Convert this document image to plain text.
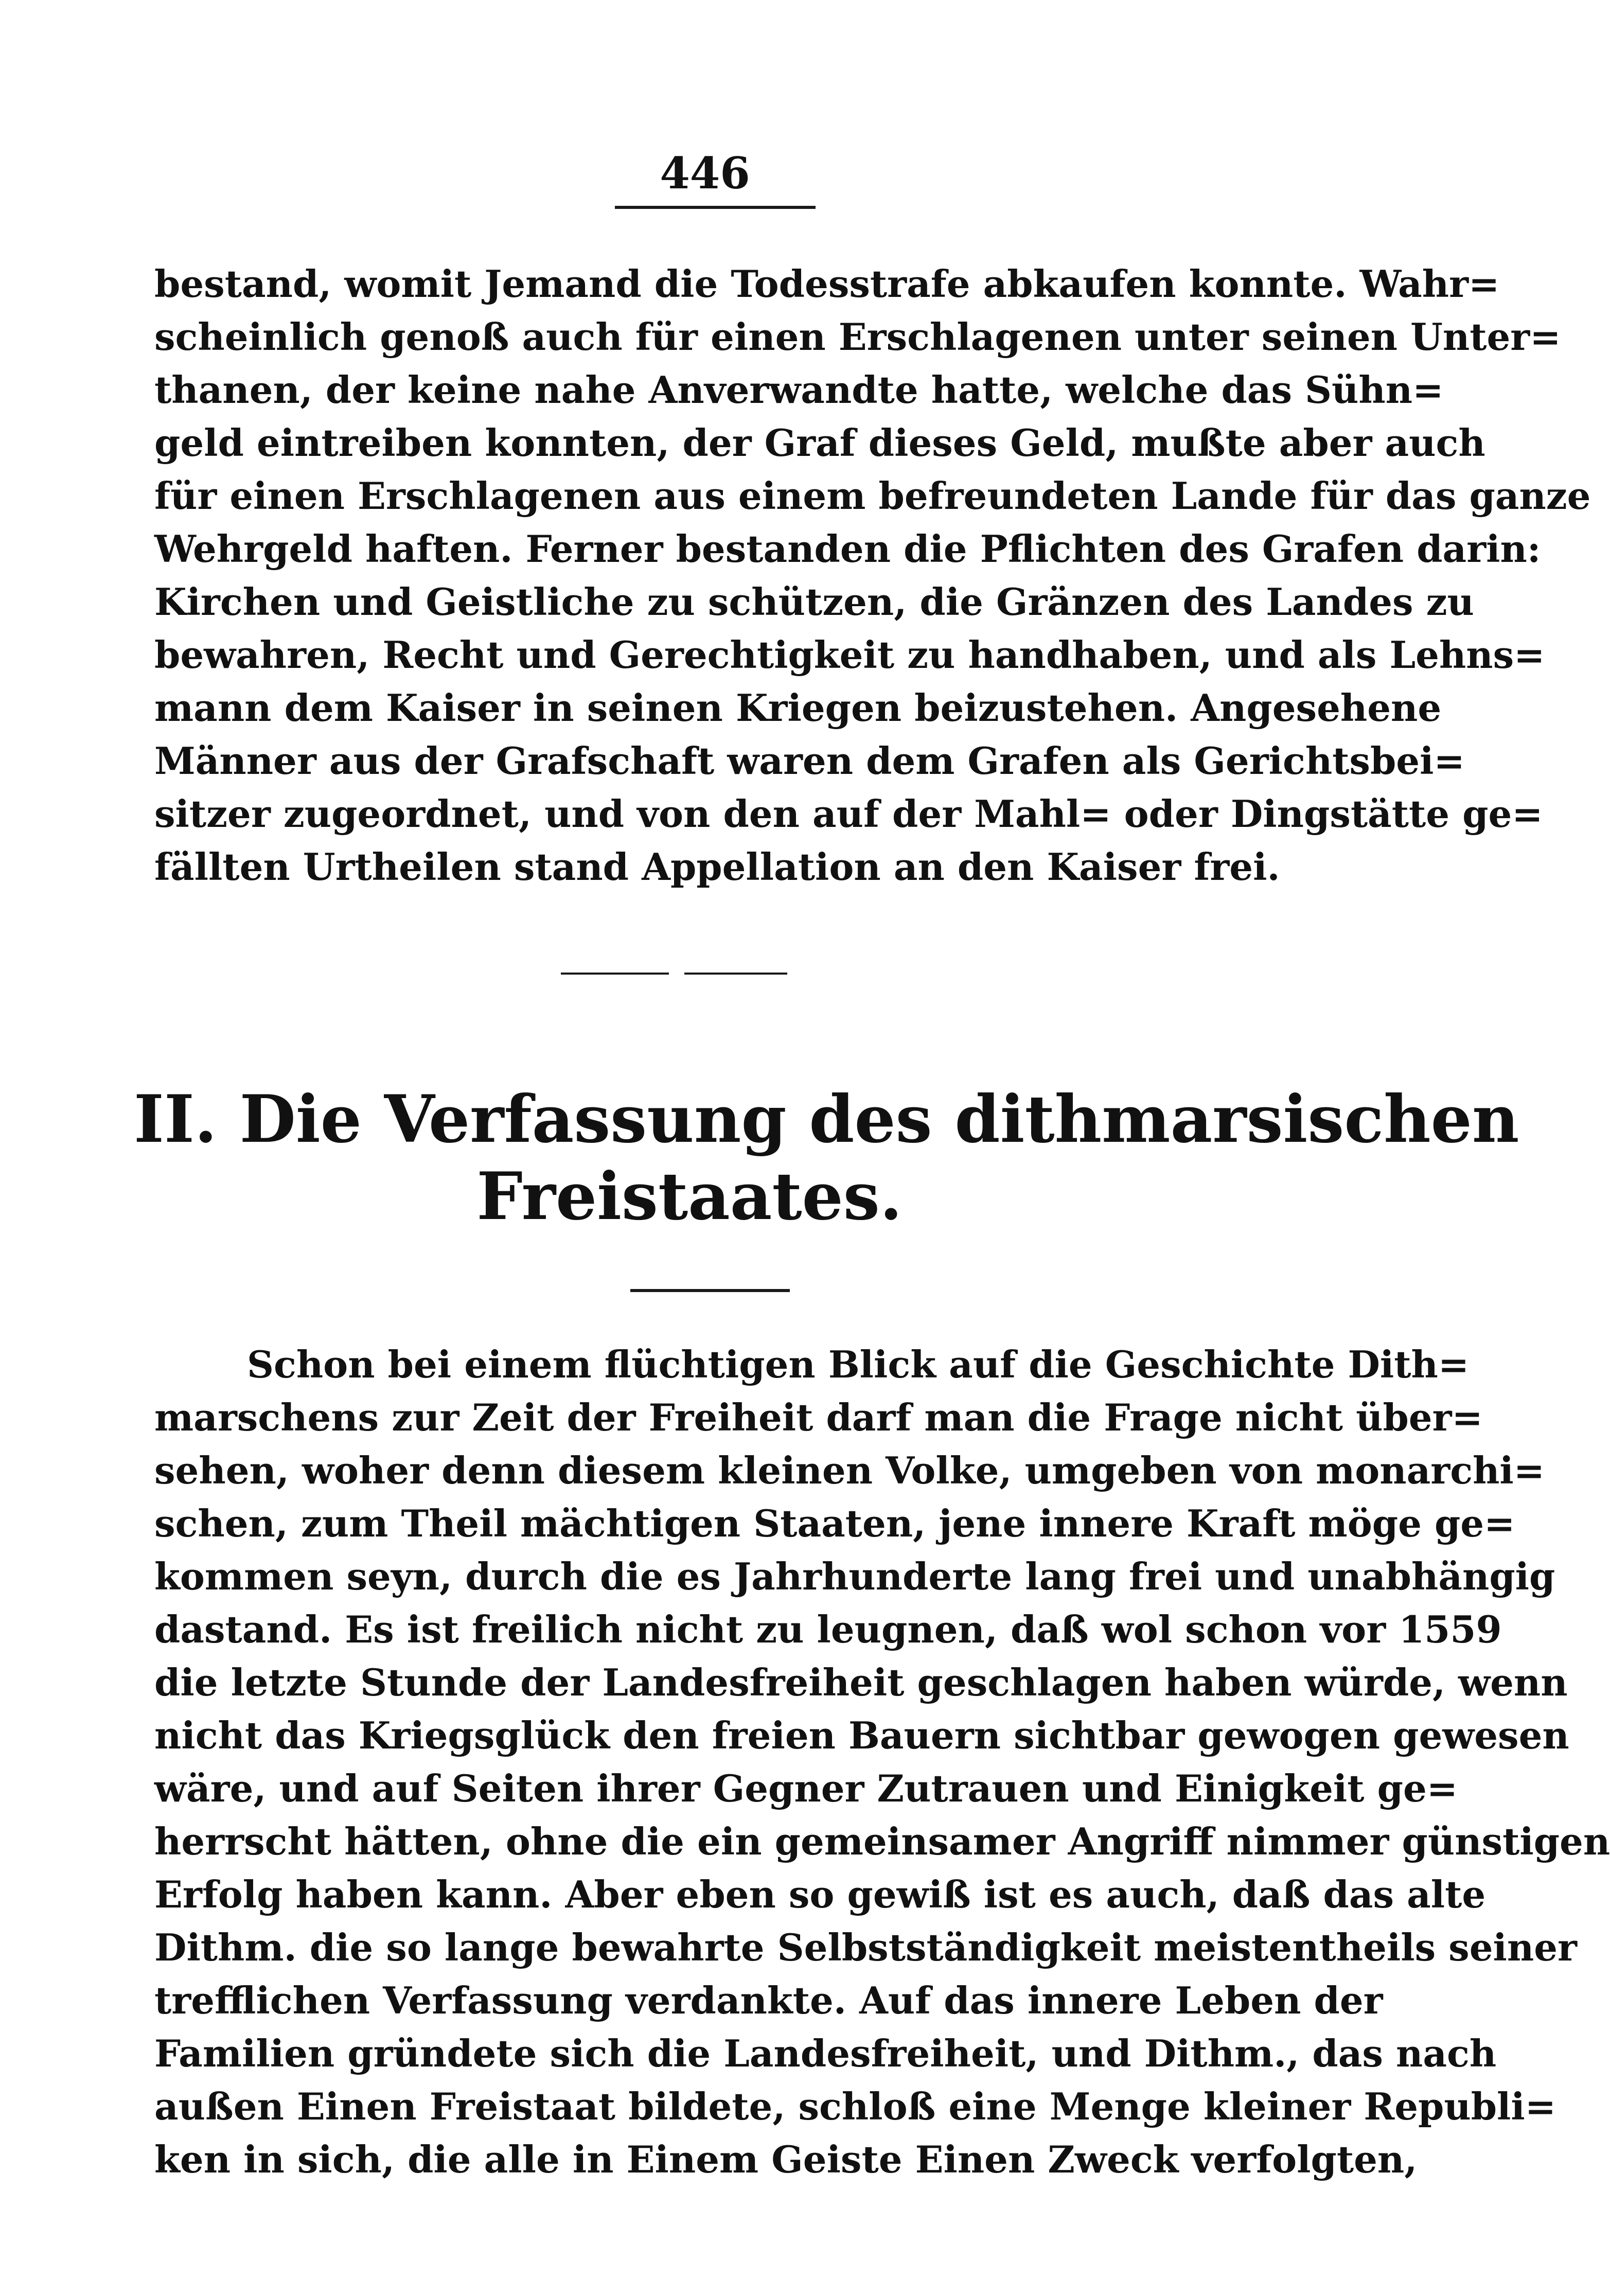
446
bestand, womit Jemand die Todesstrafe abkaufen konnte. Wahr=
scheinlich genoß auch für einen Erschlagenen unter seinen Unter=
thanen, der keine nahe Anverwandte hatte, welche das Sühn=
geld eintreiben konnten, der Graf dieses Geld, mußte aber auch
für einen Erschlagenen aus einem befreundeten Lande für das ganze
Wehrgeld haften. Ferner bestanden die Pflichten des Grafen darin:
Kirchen und Geistliche zu schützen, die Gränzen des Landes zu
bewahren, Recht und Gerechtigkeit zu handhaben, und als Lehns=
mann dem Kaiser in seinen Kriegen beizustehen. Angesehene
Männer aus der Grafschaft waren dem Grafen als Gerichtsbei=
sitzer zugeordnet, und von den auf der Mahl= oder Dingstätte ge=
fällten Urtheilen stand Appellation an den Kaiser frei.
II. Die Verfassung des dithmarsischen
Freistaates.
Schon bei einem flüchtigen Blick auf die Geschichte Dith=
marschens zur Zeit der Freiheit darf man die Frage nicht über=
sehen, woher denn diesem kleinen Volke, umgeben von monarchi=
schen, zum Theil mächtigen Staaten, jene innere Kraft möge ge=
kommen seyn, durch die es Jahrhunderte lang frei und unabhängig
dastand. Es ist freilich nicht zu leugnen, daß wol schon vor 1559
die letzte Stunde der Landesfreiheit geschlagen haben würde, wenn
nicht das Kriegsglück den freien Bauern sichtbar gewogen gewesen
wäre, und auf Seiten ihrer Gegner Zutrauen und Einigkeit ge=
herrscht hätten, ohne die ein gemeinsamer Angriff nimmer günstigen
Erfolg haben kann. Aber eben so gewiß ist es auch, daß das alte
Dithm. die so lange bewahrte Selbstständigkeit meistentheils seiner
trefflichen Verfassung verdankte. Auf das innere Leben der
Familien gründete sich die Landesfreiheit, und Dithm., das nach
außen Einen Freistaat bildete, schloß eine Menge kleiner Republi=
ken in sich, die alle in Einem Geiste Einen Zweck verfolgten,
